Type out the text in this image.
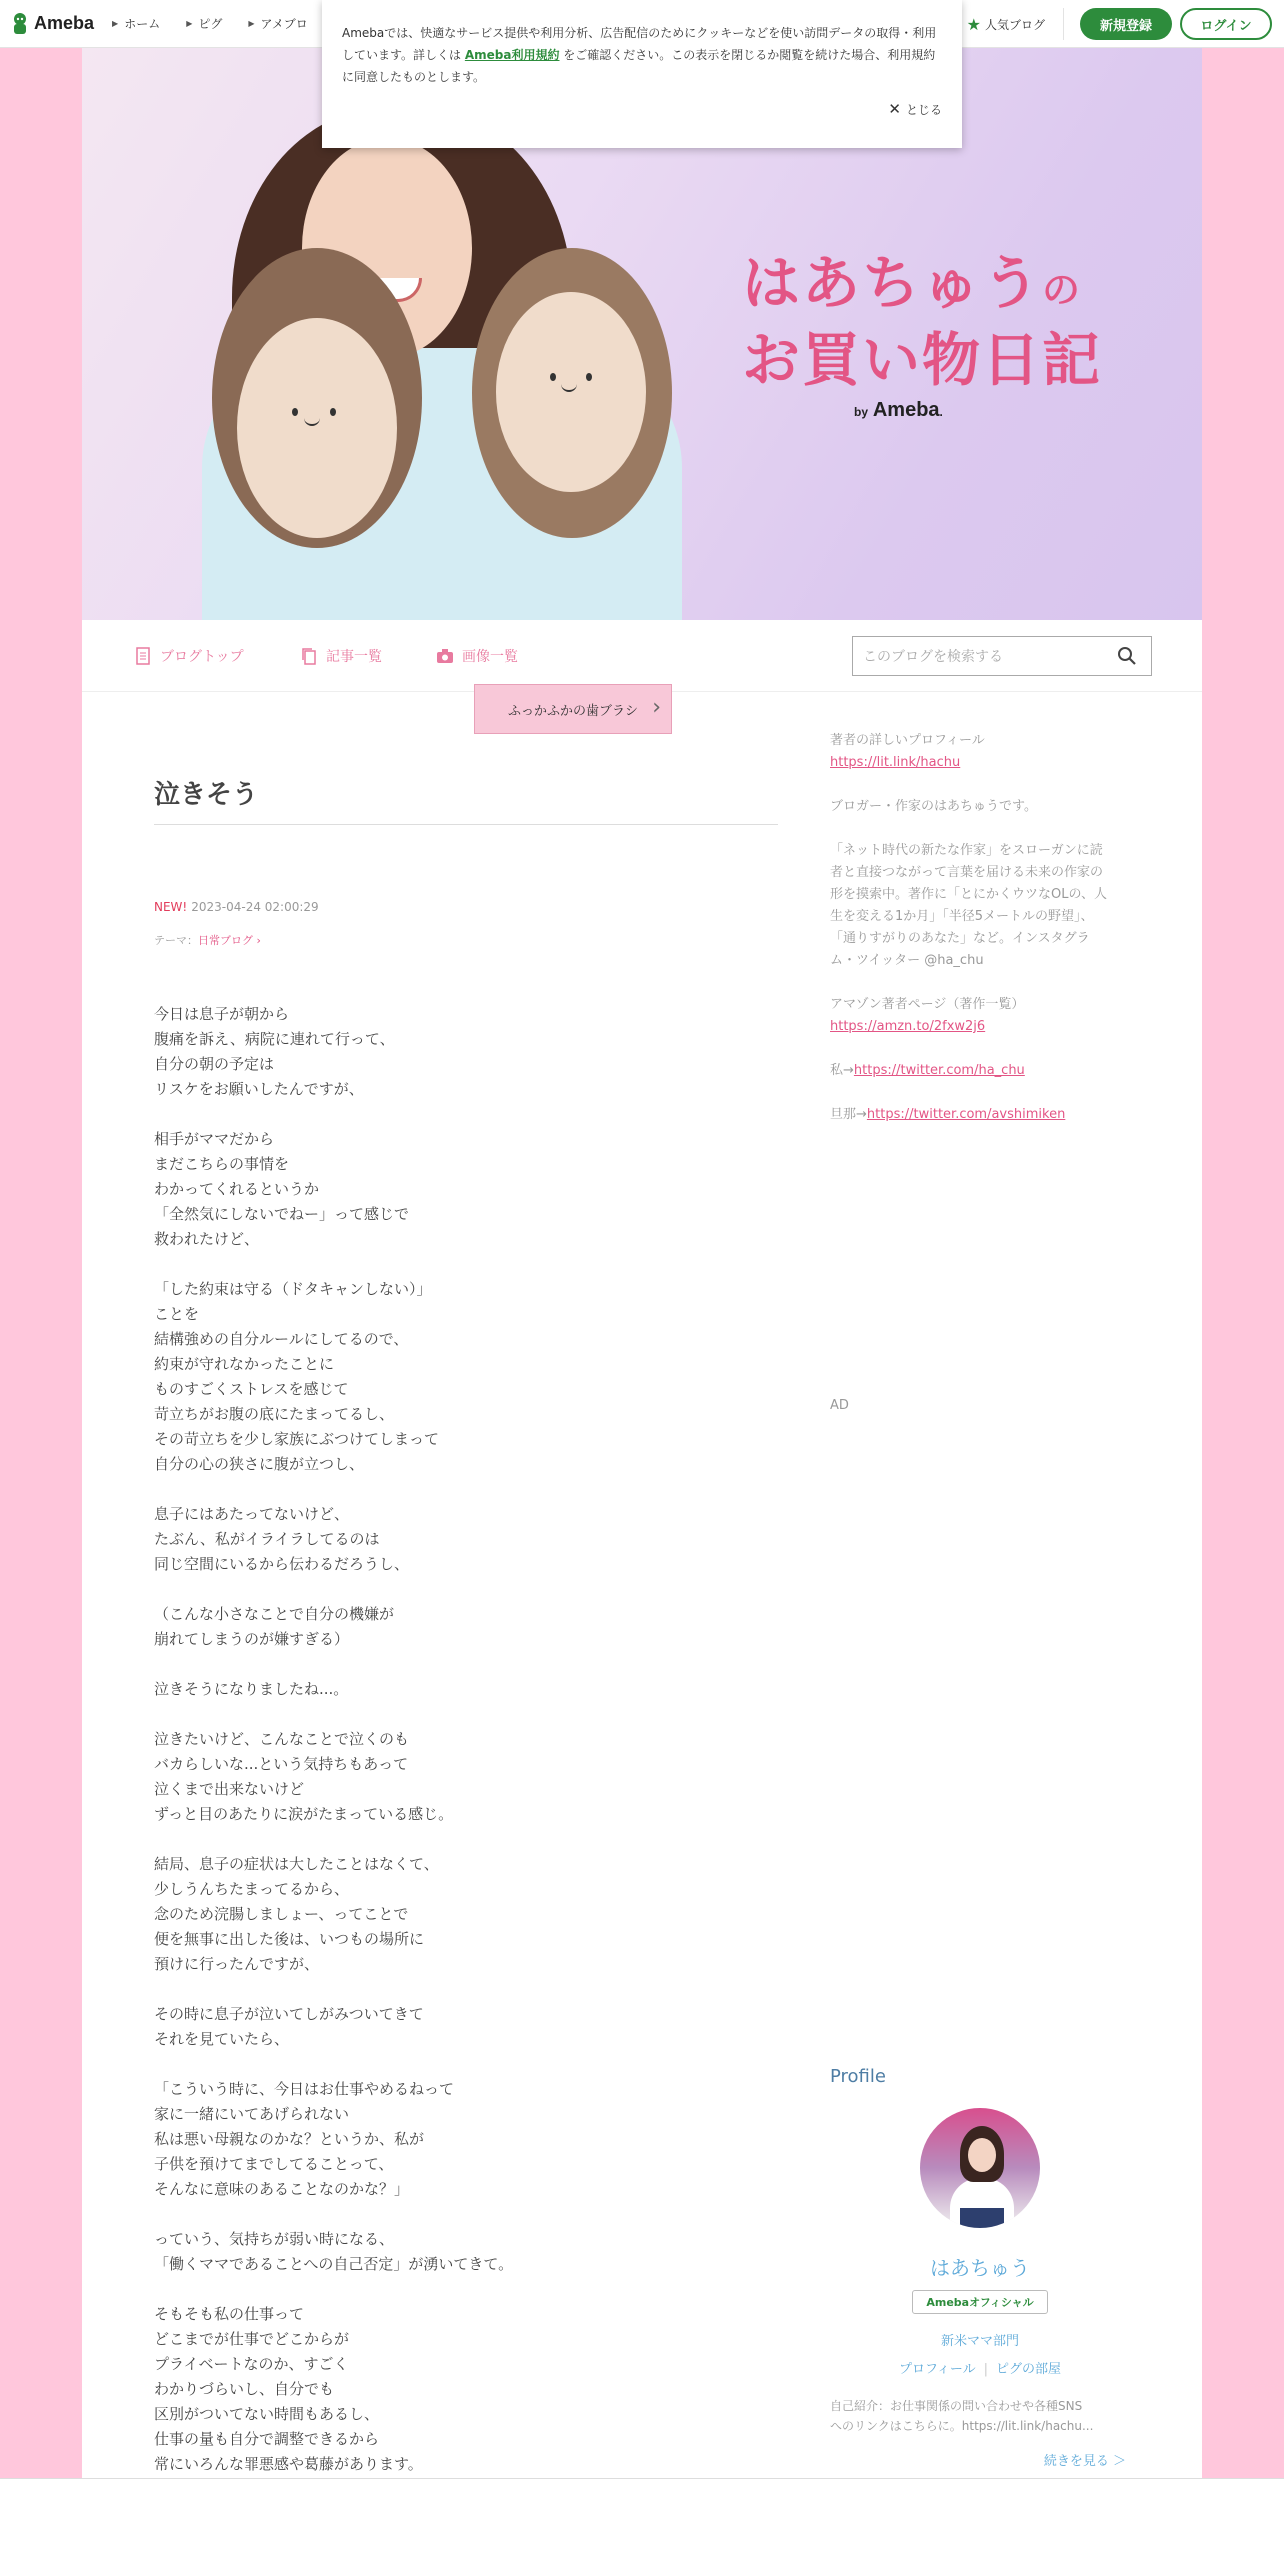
はあちゅうの
お買い物日記
by Ameba.
ブログトップ	記事一覧	画像一覧	このブログを検索する
ふっかふかの歯ブラシ ›
泣きそう
NEW! 2023-04-24 02:00:29
テーマ：日常ブログ ›

今日は息子が朝から

腹痛を訴え、病院に連れて行って、

自分の朝の予定は

リスケをお願いしたんですが、

相手がママだから

まだこちらの事情を

わかってくれるというか

「全然気にしないでねー」って感じで

救われたけど、

「した約束は守る（ドタキャンしない）」

ことを

結構強めの自分ルールにしてるので、

約束が守れなかったことに

ものすごくストレスを感じて

苛立ちがお腹の底にたまってるし、

その苛立ちを少し家族にぶつけてしまって

自分の心の狭さに腹が立つし、

息子にはあたってないけど、

たぶん、私がイライラしてるのは

同じ空間にいるから伝わるだろうし、

（こんな小さなことで自分の機嫌が

崩れてしまうのが嫌すぎる）

泣きそうになりましたね...。

泣きたいけど、こんなことで泣くのも

バカらしいな...という気持ちもあって

泣くまで出来ないけど

ずっと目のあたりに涙がたまっている感じ。

結局、息子の症状は大したことはなくて、

少しうんちたまってるから、

念のため浣腸しましょー、ってことで

便を無事に出した後は、いつもの場所に

預けに行ったんですが、

その時に息子が泣いてしがみついてきて

それを見ていたら、

「こういう時に、今日はお仕事やめるねって

家に一緒にいてあげられない

私は悪い母親なのかな？というか、私が

子供を預けてまでしてることって、

そんなに意味のあることなのかな？」

っていう、気持ちが弱い時になる、

「働くママであることへの自己否定」が湧いてきて。

そもそも私の仕事って

どこまでが仕事でどこからが

プライベートなのか、すごく

わかりづらいし、自分でも

区別がついてない時間もあるし、

仕事の量も自分で調整できるから

常にいろんな罪悪感や葛藤があります。

著者の詳しいプロフィール

https://lit.link/hachu

ブロガー・作家のはあちゅうです。

「ネット時代の新たな作家」をスローガンに読

者と直接つながって言葉を届ける未来の作家の

形を摸索中。著作に「とにかくウツなOLの、人

生を変える1か月」「半径5メートルの野望」、

「通りすがりのあなた」など。インスタグラ

ム・ツイッター @ha_chu

アマゾン著者ページ（著作一覧）

https://amzn.to/2fxw2j6

私→https://twitter.com/ha_chu

旦那→https://twitter.com/avshimiken

AD
Profile
はあちゅう
Amebaオフィシャル
新米ママ部門
プロフィール | ピグの部屋
自己紹介：お仕事関係の問い合わせや各種SNS
へのリンクはこちらに。https://lit.link/hachu...
続きを見る ＞
Ameba ▶ ホーム	▶ ピグ	▶ アメブロ	★ 人気ブログ	新規登録	ログイン
Amebaでは、快適なサービス提供や利用分析、広告配信のためにクッキーなどを使い訪問データの取得・利用しています。詳しくは Ameba利用規約 をご確認ください。この表示を閉じるか閲覧を続けた場合、利用規約に同意したものとします。
✕ とじる
